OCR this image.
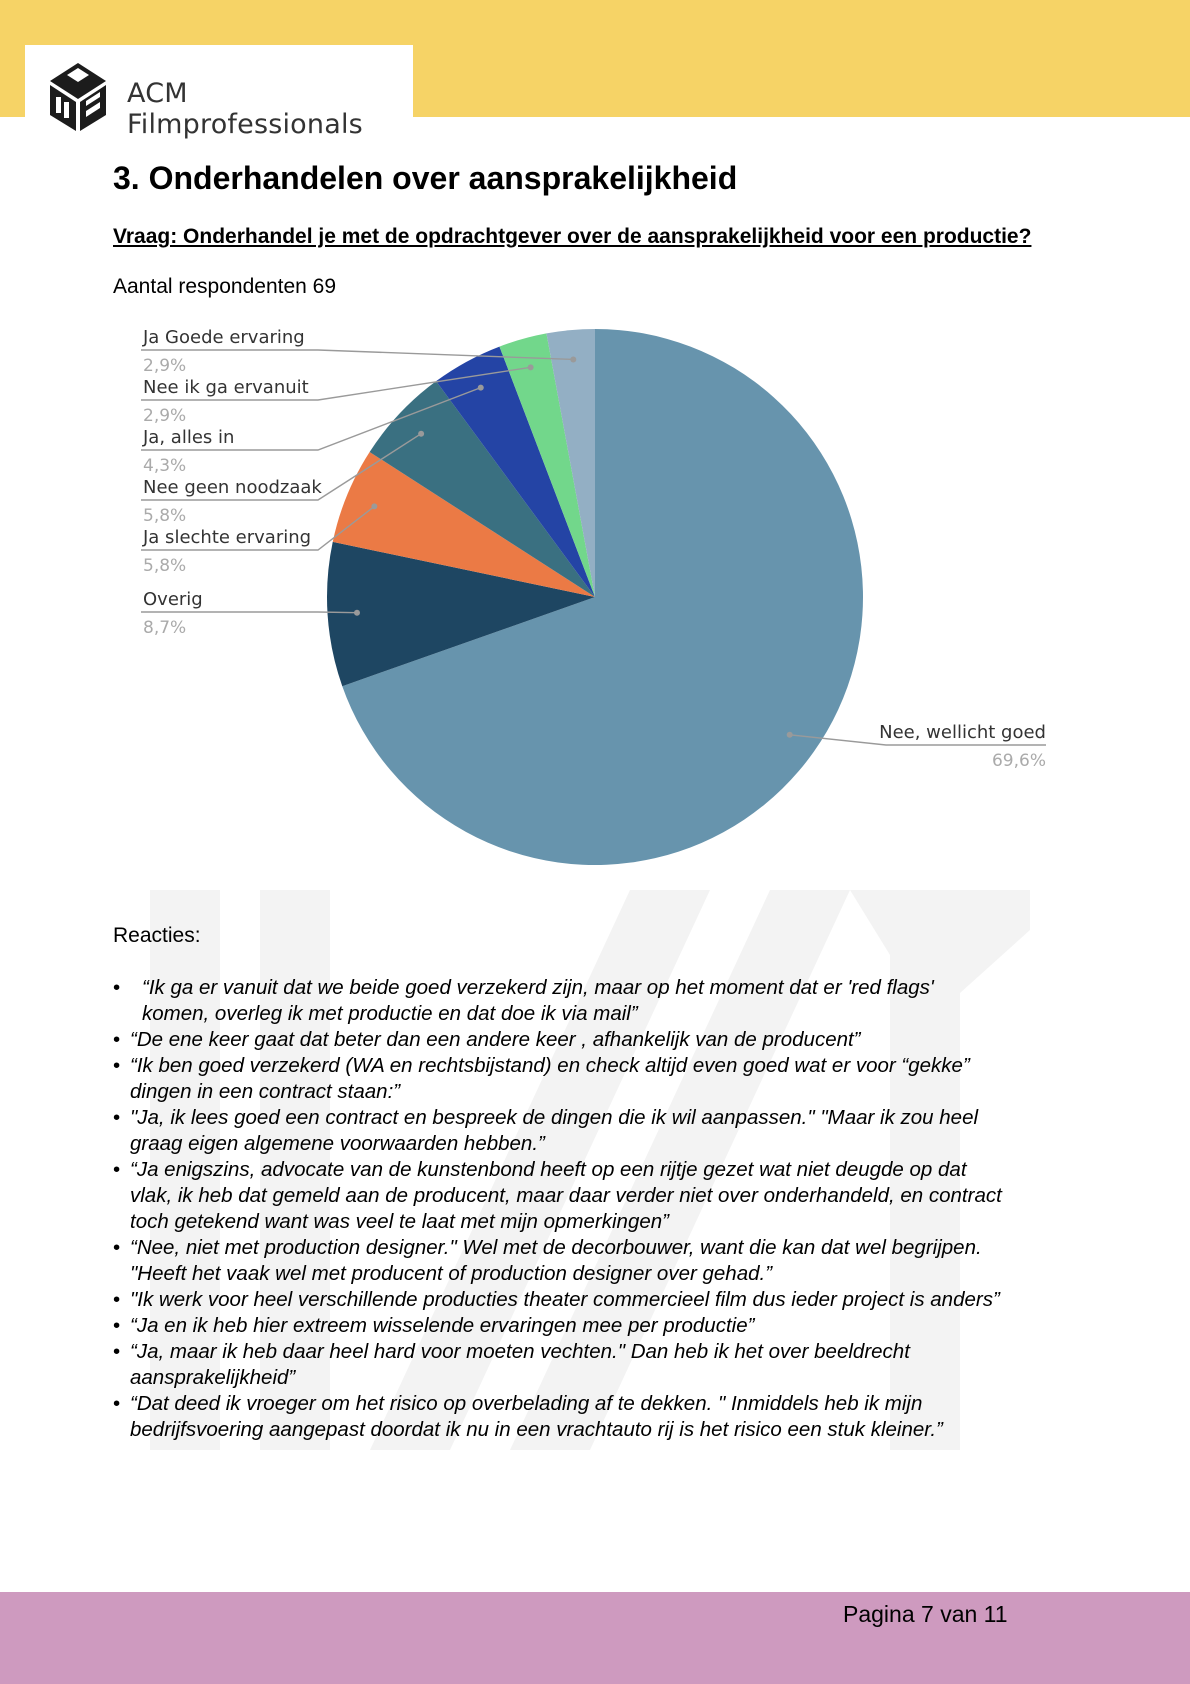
ACM Filmprofessionals
3. Onderhandelen over aansprakelijkheid
Vraag: Onderhandel je met de opdrachtgever over de aansprakelijkheid voor een productie?
Aantal respondenten 69
Ja Goede ervaring
2,9%
Nee ik ga ervanuit
2,9%
Ja, alles in
4,3%
Nee geen noodzaak
5,8%
Ja slechte ervaring
5,8%
Overig
8,7%
Nee, wellicht goed
69,6%
Reacties:
• “Ik ga er vanuit dat we beide goed verzekerd zijn, maar op het moment dat er 'red flags'
komen, overleg ik met productie en dat doe ik via mail”
• “De ene keer gaat dat beter dan een andere keer , afhankelijk van de producent”
• “Ik ben goed verzekerd (WA en rechtsbijstand) en check altijd even goed wat er voor “gekke”
dingen in een contract staan:”
• "Ja, ik lees goed een contract en bespreek de dingen die ik wil aanpassen." "Maar ik zou heel
graag eigen algemene voorwaarden hebben.”
• “Ja enigszins, advocate van de kunstenbond heeft op een rijtje gezet wat niet deugde op dat
vlak, ik heb dat gemeld aan de producent, maar daar verder niet over onderhandeld, en contract
toch getekend want was veel te laat met mijn opmerkingen”
• “Nee, niet met production designer." Wel met de decorbouwer, want die kan dat wel begrijpen.
"Heeft het vaak wel met producent of production designer over gehad.”
• "Ik werk voor heel verschillende producties theater commercieel film dus ieder project is anders”
• “Ja en ik heb hier extreem wisselende ervaringen mee per productie”
• “Ja, maar ik heb daar heel hard voor moeten vechten." Dan heb ik het over beeldrecht
aansprakelijkheid”
• “Dat deed ik vroeger om het risico op overbelading af te dekken. " Inmiddels heb ik mijn
bedrijfsvoering aangepast doordat ik nu in een vrachtauto rij is het risico een stuk kleiner.”
Pagina 7 van 11
